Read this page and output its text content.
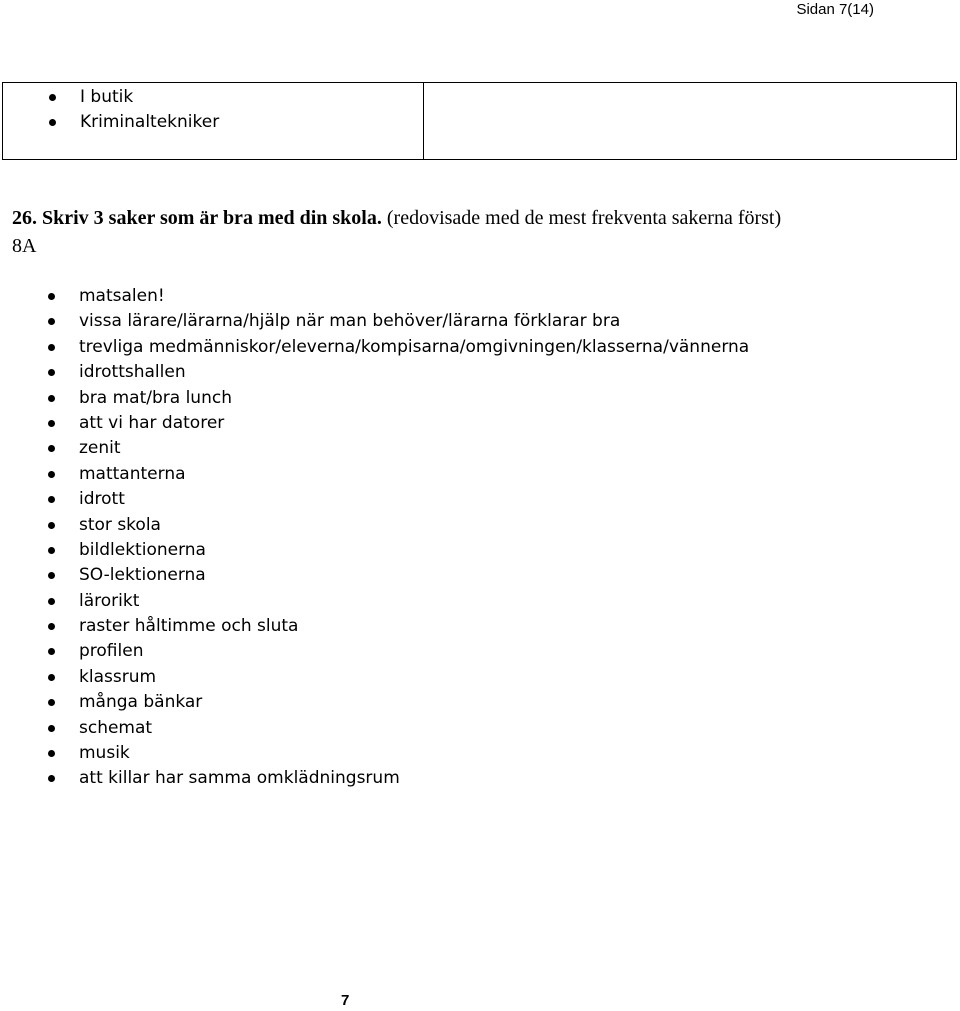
Sidan 7(14)
I butik
Kriminaltekniker
26. Skriv 3 saker som är bra med din skola. (redovisade med de mest frekventa sakerna först)
8A
matsalen!
vissa lärare/lärarna/hjälp när man behöver/lärarna förklarar bra
trevliga medmänniskor/eleverna/kompisarna/omgivningen/klasserna/vännerna
idrottshallen
bra mat/bra lunch
att vi har datorer
zenit
mattanterna
idrott
stor skola
bildlektionerna
SO-lektionerna
lärorikt
raster håltimme och sluta
profilen
klassrum
många bänkar
schemat
musik
att killar har samma omklädningsrum
7
